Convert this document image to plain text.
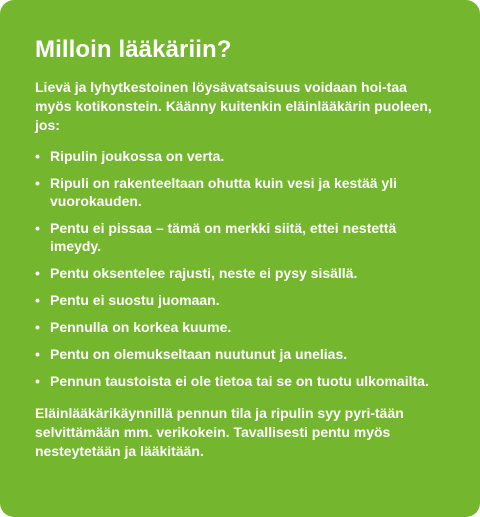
Milloin lääkäriin?

Lievä ja lyhytkestoinen löysävatsaisuus voidaan hoi-taa myös kotikonstein. Käänny kuitenkin eläinlääkärin puoleen, jos:

• Ripulin joukossa on verta.
• Ripuli on rakenteeltaan ohutta kuin vesi ja kestää yli vuorokauden.
• Pentu ei pissaa – tämä on merkki siitä, ettei nestettä imeydy.
• Pentu oksentelee rajusti, neste ei pysy sisällä.
• Pentu ei suostu juomaan.
• Pennulla on korkea kuume.
• Pentu on olemukseltaan nuutunut ja unelias.
• Pennun taustoista ei ole tietoa tai se on tuotu ulkomailta.

Eläinlääkärikäynnillä pennun tila ja ripulin syy pyri-tään selvittämään mm. verikokein. Tavallisesti pentu myös nesteytetään ja lääkitään.
